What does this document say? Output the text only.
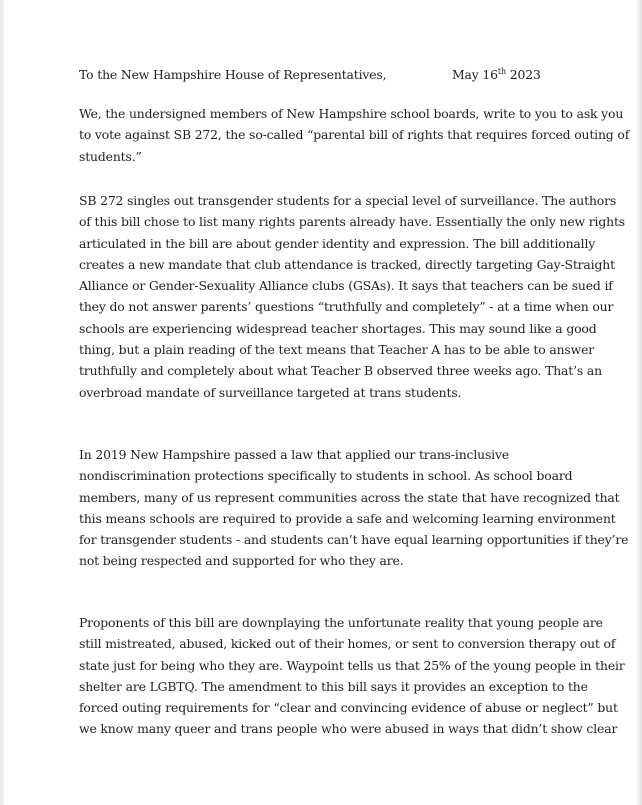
To the New Hampshire House of Representatives,	May 16th 2023

We, the undersigned members of New Hampshire school boards, write to you to ask you
to vote against SB 272, the so-called “parental bill of rights that requires forced outing of
students.”

SB 272 singles out transgender students for a special level of surveillance. The authors
of this bill chose to list many rights parents already have. Essentially the only new rights
articulated in the bill are about gender identity and expression. The bill additionally
creates a new mandate that club attendance is tracked, directly targeting Gay-Straight
Alliance or Gender-Sexuality Alliance clubs (GSAs). It says that teachers can be sued if
they do not answer parents’ questions “truthfully and completely” - at a time when our
schools are experiencing widespread teacher shortages. This may sound like a good
thing, but a plain reading of the text means that Teacher A has to be able to answer
truthfully and completely about what Teacher B observed three weeks ago. That’s an
overbroad mandate of surveillance targeted at trans students.

In 2019 New Hampshire passed a law that applied our trans-inclusive
nondiscrimination protections specifically to students in school. As school board
members, many of us represent communities across the state that have recognized that
this means schools are required to provide a safe and welcoming learning environment
for transgender students - and students can’t have equal learning opportunities if they’re
not being respected and supported for who they are.

Proponents of this bill are downplaying the unfortunate reality that young people are
still mistreated, abused, kicked out of their homes, or sent to conversion therapy out of
state just for being who they are. Waypoint tells us that 25% of the young people in their
shelter are LGBTQ. The amendment to this bill says it provides an exception to the
forced outing requirements for “clear and convincing evidence of abuse or neglect” but
we know many queer and trans people who were abused in ways that didn’t show clear
